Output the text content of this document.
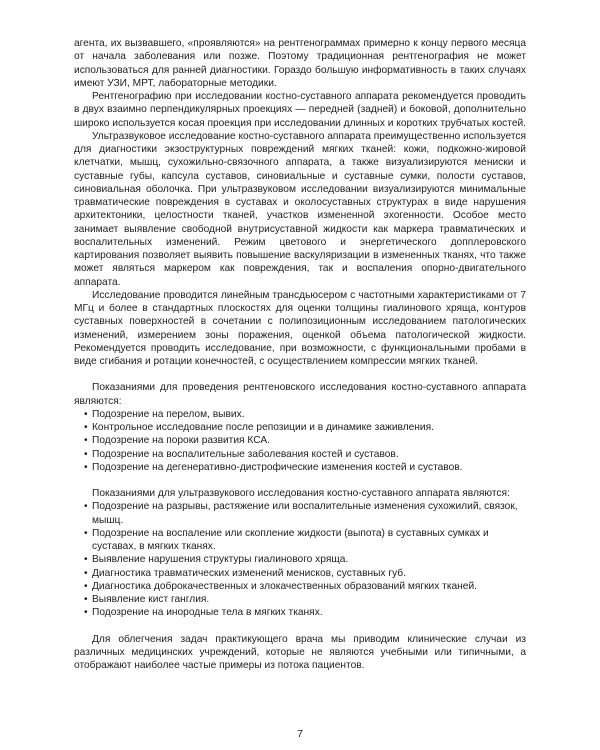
агента, их вызвавшего, «проявляются» на рентгенограммах примерно к концу первого месяца от начала заболевания или позже. Поэтому традиционная рентгенография не может использоваться для ранней диагностики. Гораздо большую информативность в таких случаях имеют УЗИ, МРТ, лабораторные методики.

Рентгенографию при исследовании костно-суставного аппарата рекомендуется проводить в двух взаимно перпендикулярных проекциях — передней (задней) и боковой, дополнительно широко используется косая проекция при исследовании длинных и коротких трубчатых костей.

Ультразвуковое исследование костно-суставного аппарата преимущественно используется для диагностики экзоструктурных повреждений мягких тканей: кожи, подкожно-жировой клетчатки, мышц, сухожильно-связочного аппарата, а также визуализируются мениски и суставные губы, капсула суставов, синовиальные и суставные сумки, полости суставов, синовиальная оболочка. При ультразвуковом исследовании визуализируются минимальные травматические повреждения в суставах и околосуставных структурах в виде нарушения архитектоники, целостности тканей, участков измененной эхогенности. Особое место занимает выявление свободной внутрисуставной жидкости как маркера травматических и воспалительных изменений. Режим цветового и энергетического допплеровского картирования позволяет выявить повышение васкуляризации в измененных тканях, что также может являться маркером как повреждения, так и воспаления опорно-двигательного аппарата.

Исследование проводится линейным трансдьюсером с частотными характеристиками от 7 МГц и более в стандартных плоскостях для оценки толщины гиалинового хряща, контуров суставных поверхностей в сочетании с полипозиционным исследованием патологических изменений, измерением зоны поражения, оценкой объема патологической жидкости. Рекомендуется проводить исследование, при возможности, с функциональными пробами в виде сгибания и ротации конечностей, с осуществлением компрессии мягких тканей.

Показаниями для проведения рентгеновского исследования костно-суставного аппарата являются:

• Подозрение на перелом, вывих.
• Контрольное исследование после репозиции и в динамике заживления.
• Подозрение на пороки развития КСА.
• Подозрение на воспалительные заболевания костей и суставов.
• Подозрение на дегенеративно-дистрофические изменения костей и суставов.

Показаниями для ультразвукового исследования костно-суставного аппарата являются:

• Подозрение на разрывы, растяжение или воспалительные изменения сухожилий, связок, мышц.
• Подозрение на воспаление или скопление жидкости (выпота) в суставных сумках и суставах, в мягких тканях.
• Выявление нарушения структуры гиалинового хряща.
• Диагностика травматических изменений менисков, суставных губ.
• Диагностика доброкачественных и злокачественных образований мягких тканей.
• Выявление кист ганглия.
• Подозрение на инородные тела в мягких тканях.

Для облегчения задач практикующего врача мы приводим клинические случаи из различных медицинских учреждений, которые не являются учебными или типичными, а отображают наиболее частые примеры из потока пациентов.

7
